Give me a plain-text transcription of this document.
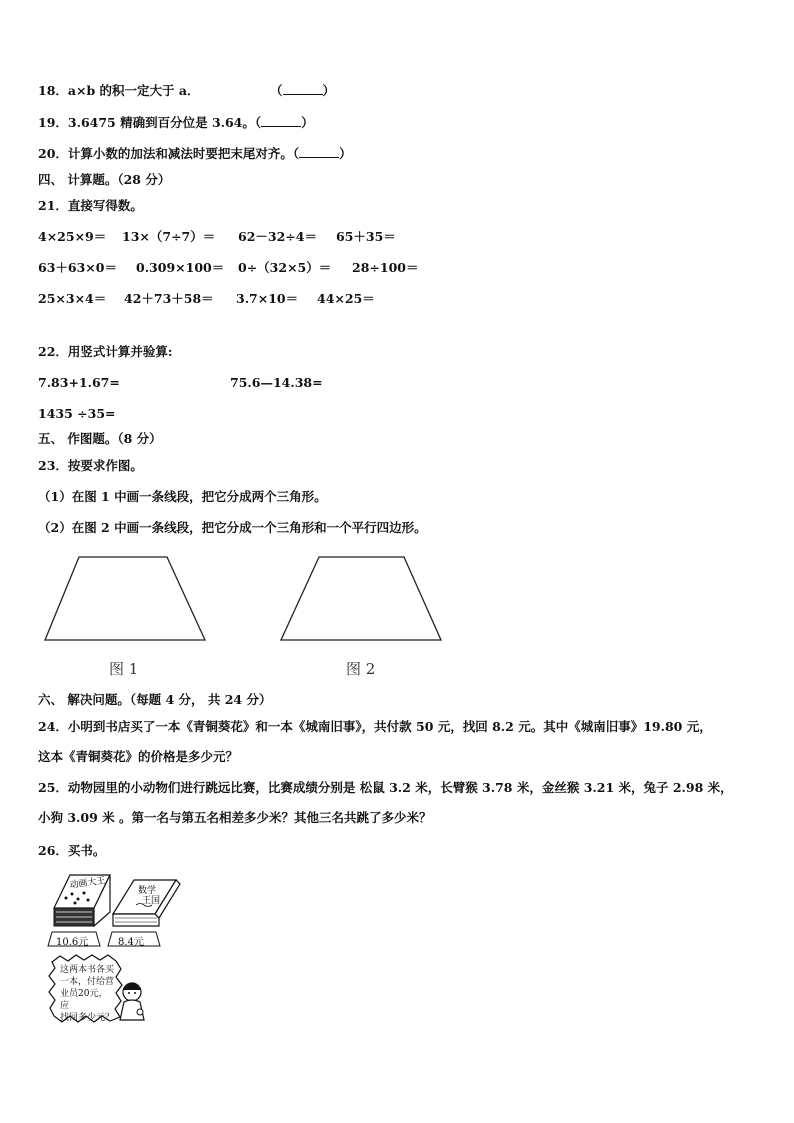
18．a×b 的积一定大于 a．	（	）
19．3.6475 精确到百分位是 3.64。（	）
20．计算小数的加法和减法时要把末尾对齐。（	）
四、 计算题。（28 分）
21．直接写得数。
4×25×9＝ 13×（7÷7）＝ 62－32÷4＝ 65＋35＝
63＋63×0＝ 0.309×100＝ 0÷（32×5）＝ 28÷100＝
25×3×4＝ 42＋73＋58＝ 3.7×10＝ 44×25＝
22．用竖式计算并验算:
7.83+1.67=	75.6—14.38=
1435 ÷35=
五、 作图题。（8 分）
23．按要求作图。
（1）在图 1 中画一条线段，把它分成两个三角形。
（2）在图 2 中画一条线段，把它分成一个三角形和一个平行四边形。
图 1	图 2
六、 解决问题。（每题 4 分， 共 24 分）
24．小明到书店买了一本《青铜葵花》和一本《城南旧事》，共付款 50 元，找回 8.2 元。其中《城南旧事》19.80 元，
这本《青铜葵花》的价格是多少元？
25．动物园里的小动物们进行跳远比赛，比赛成绩分别是 松鼠 3.2 米，长臂猴 3.78 米，金丝猴 3.21 米，兔子 2.98 米，
小狗 3.09 米 。第一名与第五名相差多少米？其他三名共跳了多少米？
26．买书。
动画大王
数学
王国
10.6元	8.4元
这两本书各买
一本，付给营
业员20元，应
找回多少元？
